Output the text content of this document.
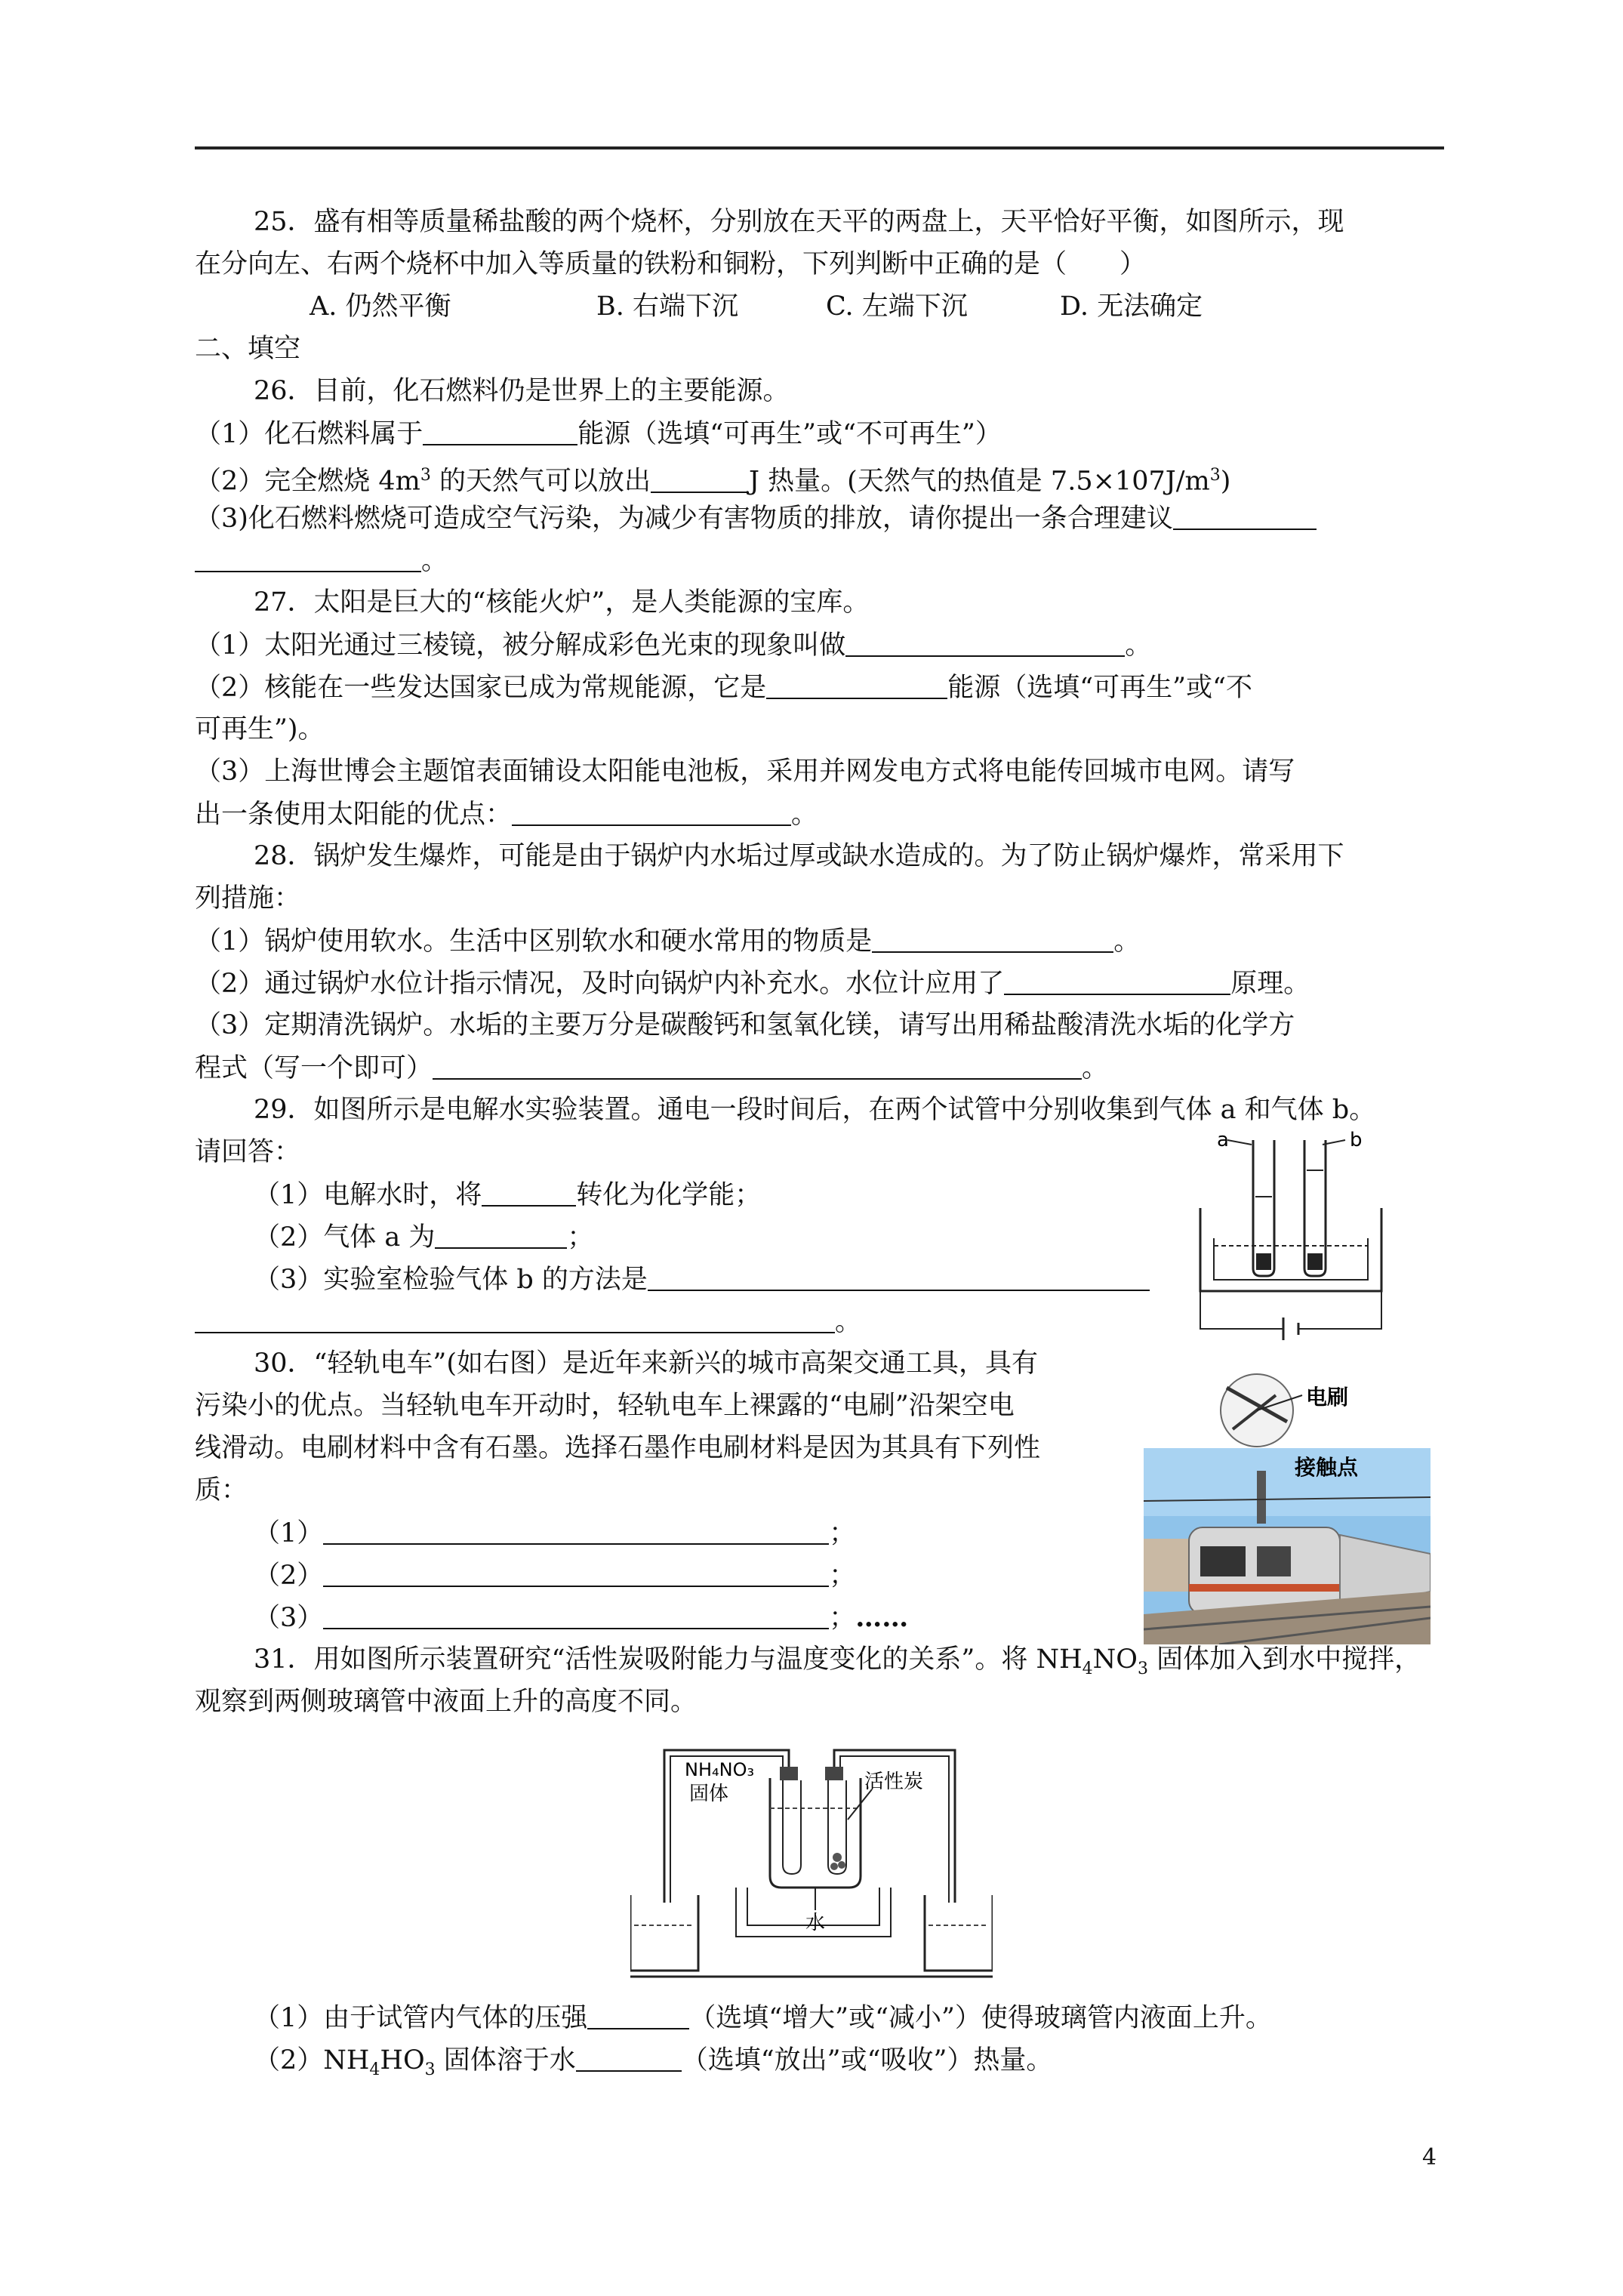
25．盛有相等质量稀盐酸的两个烧杯，分别放在天平的两盘上，天平恰好平衡，如图所示，现
在分向左、右两个烧杯中加入等质量的铁粉和铜粉，下列判断中正确的是（　　）
A. 仍然平衡	B. 右端下沉	C. 左端下沉	D. 无法确定
二、填空
26．目前，化石燃料仍是世界上的主要能源。
（1）化石燃料属于	能源（选填“可再生”或“不可再生”）
（2）完全燃烧 $4m^3$ 的天然气可以放出	J 热量。(天然气的热值是 $7.5\times 107J/m^3$)
（3)化石燃料燃烧可造成空气污染，为减少有害物质的排放，请你提出一条合理建议
。
27．太阳是巨大的“核能火炉”，是人类能源的宝库。
（1）太阳光通过三棱镜，被分解成彩色光束的现象叫做	。
（2）核能在一些发达国家已成为常规能源，它是	能源（选填“可再生”或“不
可再生”)。
（3）上海世博会主题馆表面铺设太阳能电池板，采用并网发电方式将电能传回城市电网。请写
出一条使用太阳能的优点：	。
28．锅炉发生爆炸，可能是由于锅炉内水垢过厚或缺水造成的。为了防止锅炉爆炸，常采用下
列措施：
（1）锅炉使用软水。生活中区别软水和硬水常用的物质是	。
（2）通过锅炉水位计指示情况，及时向锅炉内补充水。水位计应用了	原理。
（3）定期清洗锅炉。水垢的主要万分是碳酸钙和氢氧化镁，请写出用稀盐酸清洗水垢的化学方
程式（写一个即可）	。
29．如图所示是电解水实验装置。通电一段时间后，在两个试管中分别收集到气体 a 和气体 b。
请回答：
（1）电解水时，将	转化为化学能；
（2）气体 a 为	；
（3）实验室检验气体 b 的方法是
。
a	b
30．“轻轨电车”(如右图）是近年来新兴的城市高架交通工具，具有
污染小的优点。当轻轨电车开动时，轻轨电车上裸露的“电刷”沿架空电
线滑动。电刷材料中含有石墨。选择石墨作电刷材料是因为其具有下列性
质：
（1）	；
（2）	；
（3）	；……
电刷
接触点
31．用如图所示装置研究“活性炭吸附能力与温度变化的关系”。将 $NH_4NO_3$ 固体加入到水中搅拌，
观察到两侧玻璃管中液面上升的高度不同。
NH₄NO₃
固体
活性炭
水
（1）由于试管内气体的压强	（选填“增大”或“减小”）使得玻璃管内液面上升。
$(2)NH_4HO_3$ 固体溶于水	（选填“放出”或“吸收”）热量。
4
